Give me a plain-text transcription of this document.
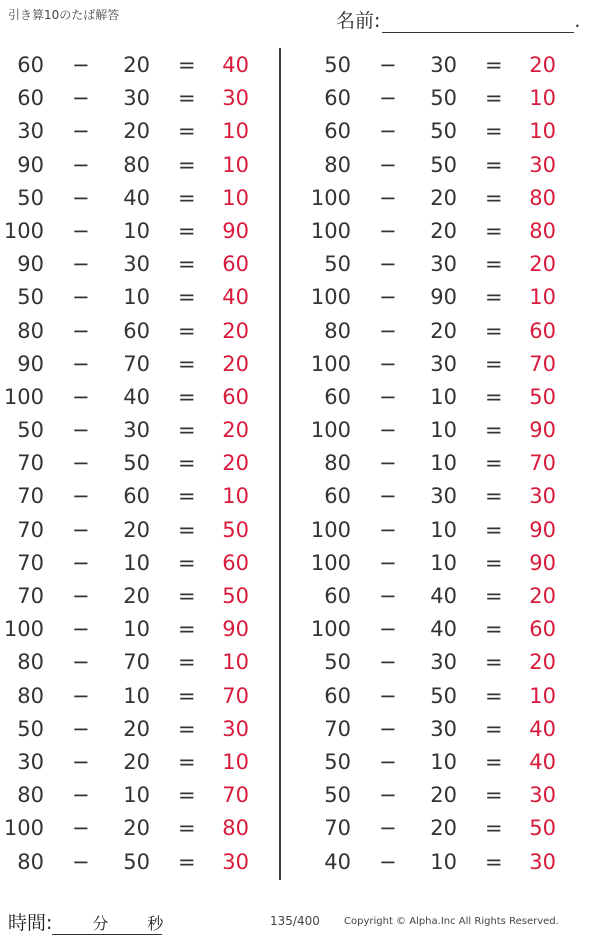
引き算10のたば解答	名前:	.
60 − 20 = 40
60 − 30 = 30
30 − 20 = 10
90 − 80 = 10
50 − 40 = 10
100 − 10 = 90
90 − 30 = 60
50 − 10 = 40
80 − 60 = 20
90 − 70 = 20
100 − 40 = 60
50 − 30 = 20
70 − 50 = 20
70 − 60 = 10
70 − 20 = 50
70 − 10 = 60
70 − 20 = 50
100 − 10 = 90
80 − 70 = 10
80 − 10 = 70
50 − 20 = 30
30 − 20 = 10
80 − 10 = 70
100 − 20 = 80
80 − 50 = 30
50 − 30 = 20
60 − 50 = 10
60 − 50 = 10
80 − 50 = 30
100 − 20 = 80
100 − 20 = 80
50 − 30 = 20
100 − 90 = 10
80 − 20 = 60
100 − 30 = 70
60 − 10 = 50
100 − 10 = 90
80 − 10 = 70
60 − 30 = 30
100 − 10 = 90
100 − 10 = 90
60 − 40 = 20
100 − 40 = 60
50 − 30 = 20
60 − 50 = 10
70 − 30 = 40
50 − 10 = 40
50 − 20 = 30
70 − 20 = 50
40 − 10 = 30
時間:	分 秒	135/400 Copyright © Alpha.Inc All Rights Reserved.
